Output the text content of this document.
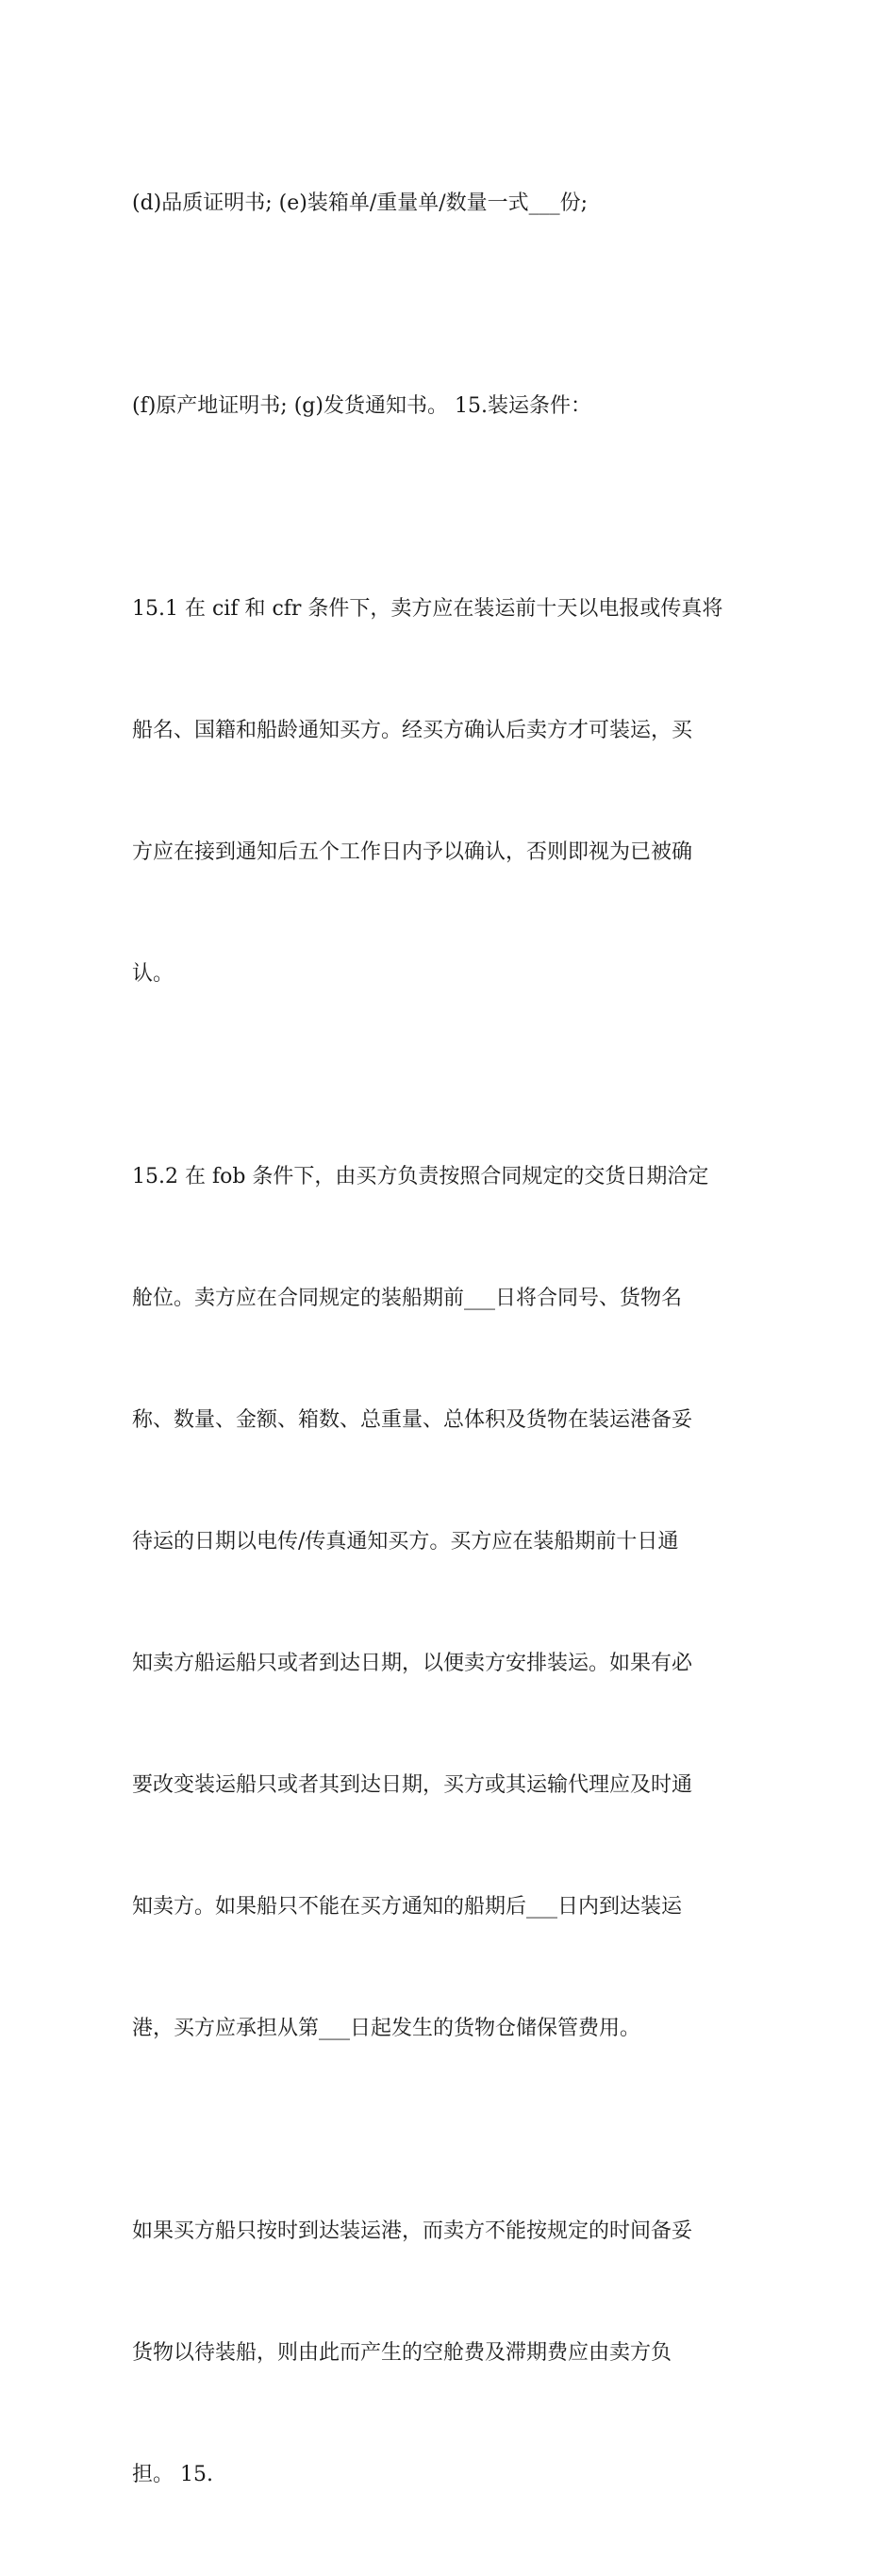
(d)品质证明书; (e)装箱单/重量单/数量一式___份;

(f)原产地证明书; (g)发货通知书。 15.装运条件：

15.1 在 cif 和 cfr 条件下，卖方应在装运前十天以电报或传真将

船名、国籍和船龄通知买方。经买方确认后卖方才可装运，买

方应在接到通知后五个工作日内予以确认，否则即视为已被确

认。

15.2 在 fob 条件下，由买方负责按照合同规定的交货日期洽定

舱位。卖方应在合同规定的装船期前___日将合同号、货物名

称、数量、金额、箱数、总重量、总体积及货物在装运港备妥

待运的日期以电传/传真通知买方。买方应在装船期前十日通

知卖方船运船只或者到达日期，以便卖方安排装运。如果有必

要改变装运船只或者其到达日期，买方或其运输代理应及时通

知卖方。如果船只不能在买方通知的船期后___日内到达装运

港，买方应承担从第___日起发生的货物仓储保管费用。

如果买方船只按时到达装运港，而卖方不能按规定的时间备妥

货物以待装船，则由此而产生的空舱费及滞期费应由卖方负

担。 15.
